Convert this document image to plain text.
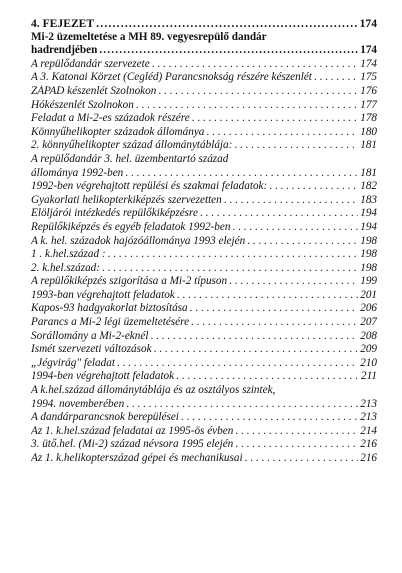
4. FEJEZET .....	174
Mi-2 üzemeltetése a MH 89. vegyesrepülő dandár
hadrendjében .....	174
A repülődandár szervezete . . .	174
A 3. Katonai Körzet (Cegléd) Parancsnokság részére készenlét . . .	175
ZÁPAD készenlét Szolnokon . . .	176
Hókészenlét Szolnokon . . .	177
Feladat a Mi-2-es századok részére . . .	178
Könnyűhelikopter századok állománya . . .	180
2. könnyűhelikopter század állománytáblája: . . .	181
A repülődandár 3. hel. üzembentartó század
állománya 1992-ben . . .	181
1992-ben végrehajtott repülési és szakmai feladatok: . . .	182
Gyakorlati helikopterkiképzés szervezetten . . .	183
Elöljárói intézkedés repülőkiképzésre . . .	194
Repülőkiképzés és egyéb feladatok 1992-ben . . .	194
A k. hel. századok hajózóállománya 1993 elején . . .	198
1 . k.hel.század : . . .	198
2. k.hel.század: . . .	198
A repülőkiképzés szigorítása a Mi-2 típuson . . .	199
1993-ban végrehajtott feladatok . . .	201
Kapos-93 hadgyakorlat biztosítása . . .	206
Parancs a Mi-2 légi üzemeltetésére . . .	207
Sorállomány a Mi-2-eknél . . .	208
Ismét szervezeti változások . . .	209
„Jégvirág" feladat . . .	210
1994-ben végrehajtott feladatok . . .	211
A k.hel.század állománytáblája és az osztályos szintek,
1994. novemberében . . .	213
A dandárparancsnok berepülései . . .	213
Az 1. k.hel.század feladatai az 1995-ös évben . . .	214
3. ütő.hel. (Mi-2) század névsora 1995 elején . . .	216
Az 1. k.helikopterszázad gépei és mechanikusai . . .	216
